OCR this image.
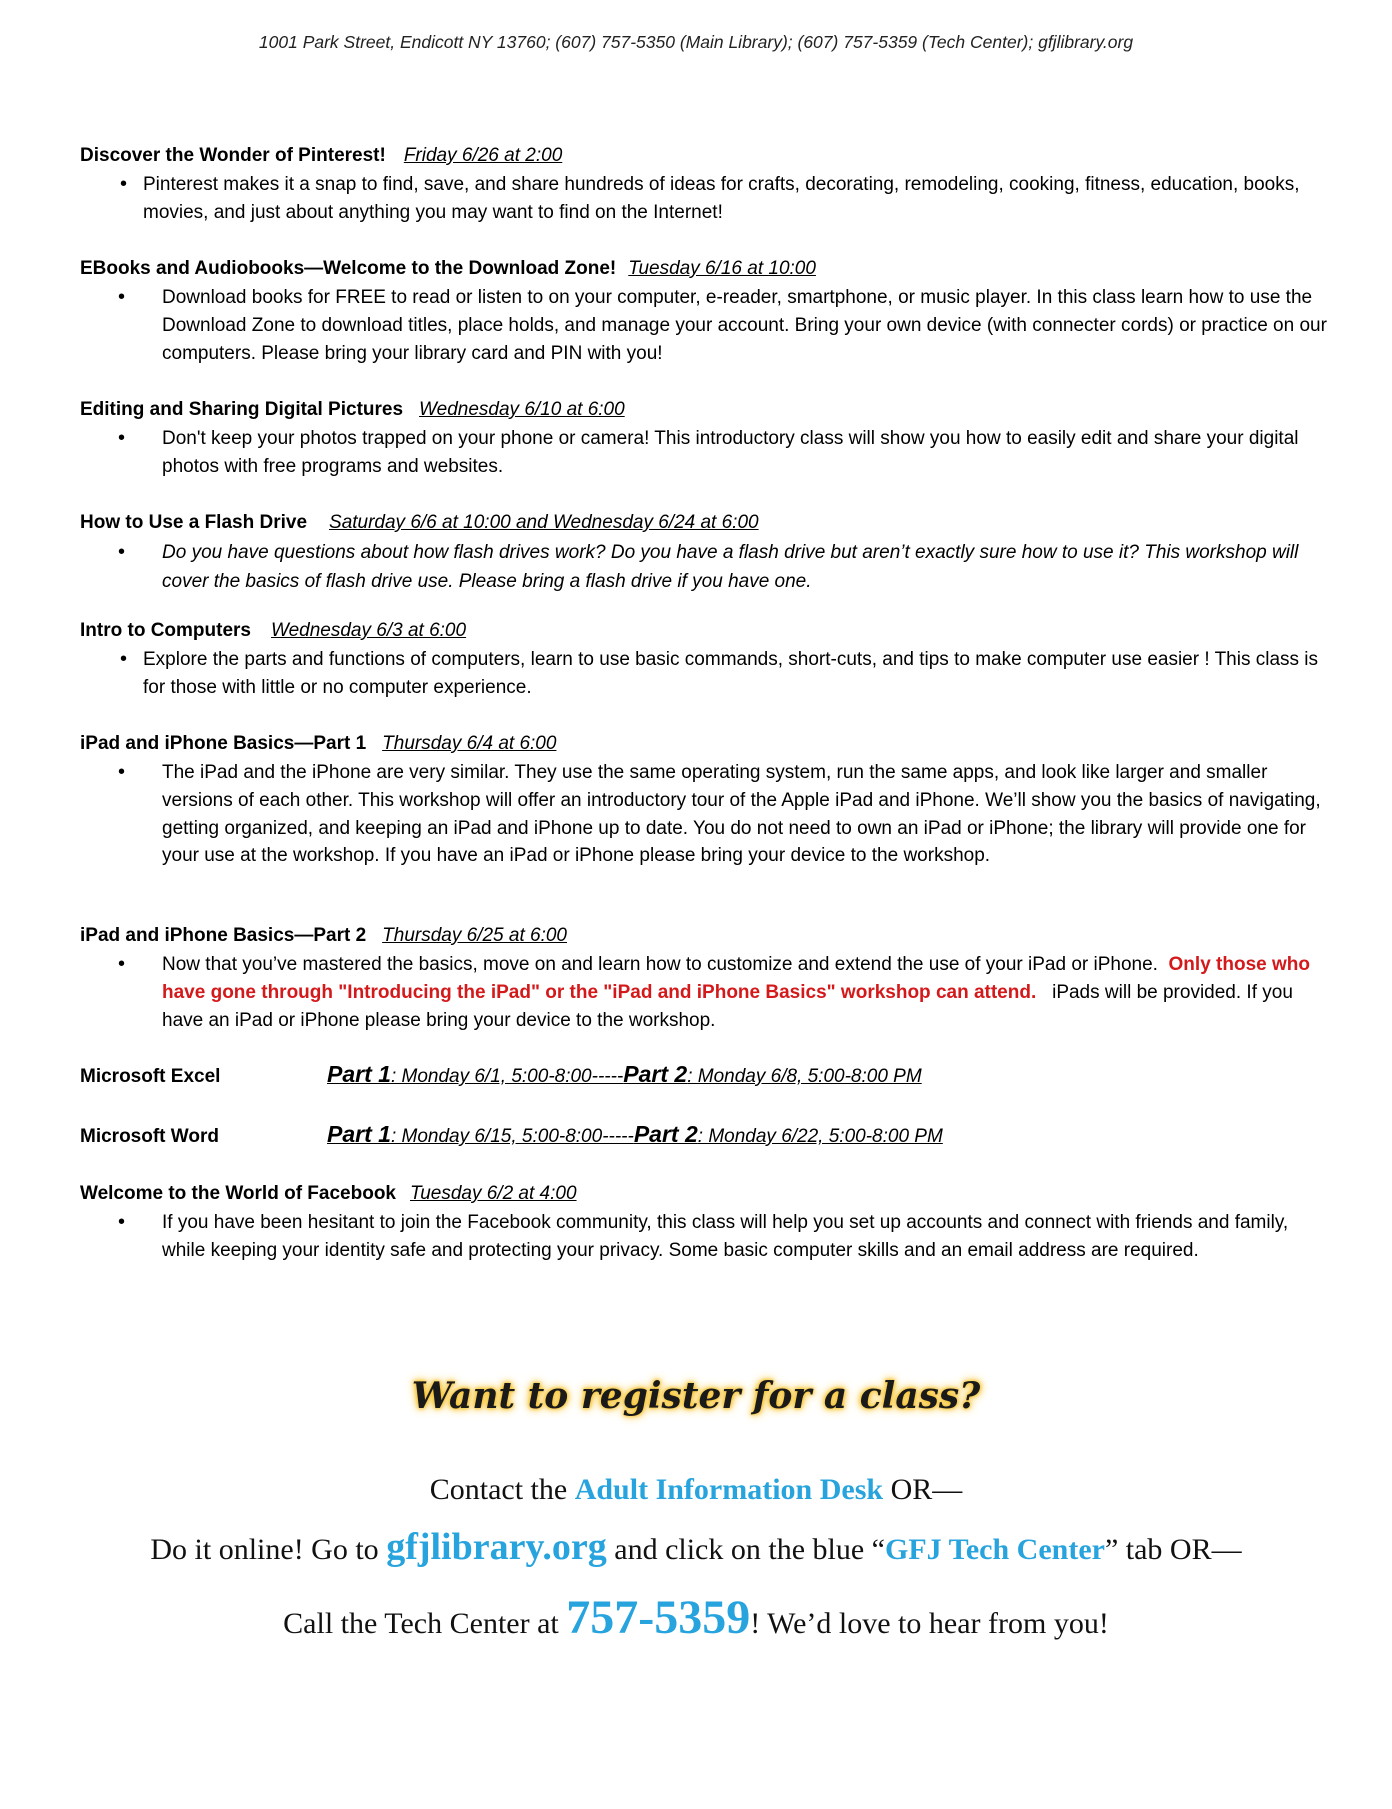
1001 Park Street, Endicott NY 13760; (607) 757-5350 (Main Library); (607) 757-5359 (Tech Center); gfjlibrary.org
Discover the Wonder of Pinterest! Friday 6/26 at 2:00
• Pinterest makes it a snap to find, save, and share hundreds of ideas for crafts, decorating, remodeling, cooking, fitness, education, books, movies, and just about anything you may want to find on the Internet!
EBooks and Audiobooks—Welcome to the Download Zone! Tuesday 6/16 at 10:00
• Download books for FREE to read or listen to on your computer, e-reader, smartphone, or music player. In this class learn how to use the Download Zone to download titles, place holds, and manage your account. Bring your own device (with connecter cords) or practice on our computers. Please bring your library card and PIN with you!
Editing and Sharing Digital Pictures Wednesday 6/10 at 6:00
• Don't keep your photos trapped on your phone or camera! This introductory class will show you how to easily edit and share your digital photos with free programs and websites.
How to Use a Flash Drive Saturday 6/6 at 10:00 and Wednesday 6/24 at 6:00
• Do you have questions about how flash drives work? Do you have a flash drive but aren’t exactly sure how to use it? This workshop will cover the basics of flash drive use. Please bring a flash drive if you have one.
Intro to Computers Wednesday 6/3 at 6:00
• Explore the parts and functions of computers, learn to use basic commands, short-cuts, and tips to make computer use easier ! This class is for those with little or no computer experience.
iPad and iPhone Basics—Part 1 Thursday 6/4 at 6:00
• The iPad and the iPhone are very similar. They use the same operating system, run the same apps, and look like larger and smaller versions of each other. This workshop will offer an introductory tour of the Apple iPad and iPhone. We’ll show you the basics of navigating, getting organized, and keeping an iPad and iPhone up to date. You do not need to own an iPad or iPhone; the library will provide one for your use at the workshop. If you have an iPad or iPhone please bring your device to the workshop.
iPad and iPhone Basics—Part 2 Thursday 6/25 at 6:00
• Now that you’ve mastered the basics, move on and learn how to customize and extend the use of your iPad or iPhone. Only those who have gone through "Introducing the iPad" or the "iPad and iPhone Basics" workshop can attend. iPads will be provided. If you have an iPad or iPhone please bring your device to the workshop.
Microsoft Excel	Part 1: Monday 6/1, 5:00-8:00-----Part 2: Monday 6/8, 5:00-8:00 PM
Microsoft Word	Part 1: Monday 6/15, 5:00-8:00-----Part 2: Monday 6/22, 5:00-8:00 PM
Welcome to the World of Facebook Tuesday 6/2 at 4:00
• If you have been hesitant to join the Facebook community, this class will help you set up accounts and connect with friends and family, while keeping your identity safe and protecting your privacy. Some basic computer skills and an email address are required.
Want to register for a class?
Contact the Adult Information Desk OR—
Do it online! Go to gfjlibrary.org and click on the blue “GFJ Tech Center” tab OR—
Call the Tech Center at 757-5359! We’d love to hear from you!
